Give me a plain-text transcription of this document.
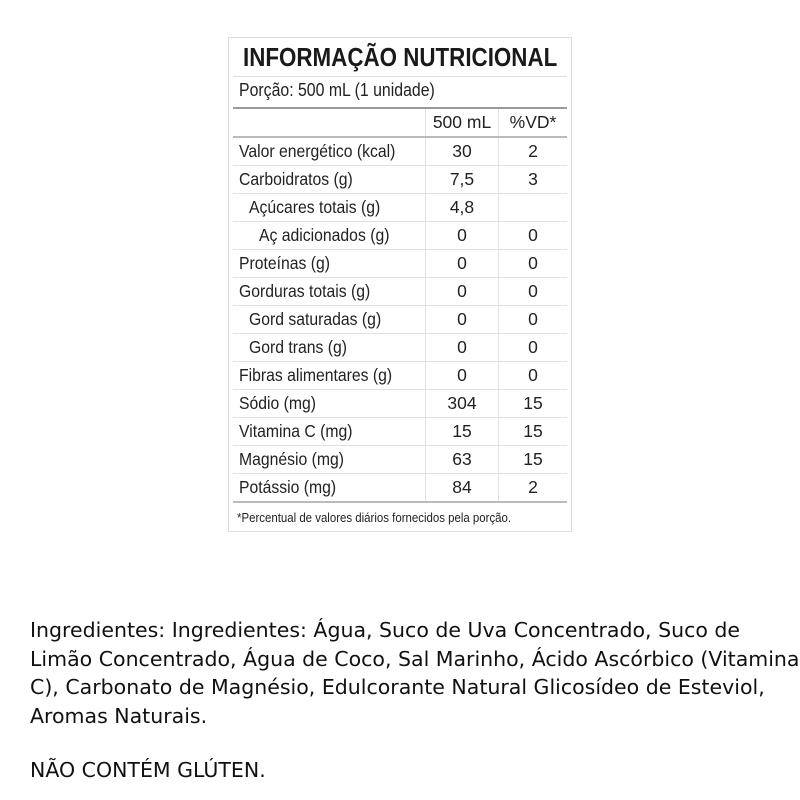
INFORMAÇÃO NUTRICIONAL
Porção: 500 mL (1 unidade)
	500 mL	%VD*
Valor energético (kcal)	30	2
Carboidratos (g)	7,5	3
Açúcares totais (g)	4,8	
Aç adicionados (g)	0	0
Proteínas (g)	0	0
Gorduras totais (g)	0	0
Gord saturadas (g)	0	0
Gord trans (g)	0	0
Fibras alimentares (g)	0	0
Sódio (mg)	304	15
Vitamina C (mg)	15	15
Magnésio (mg)	63	15
Potássio (mg)	84	2
*Percentual de valores diários fornecidos pela porção.
Ingredientes: Ingredientes: Água, Suco de Uva Concentrado, Suco de Limão Concentrado, Água de Coco, Sal Marinho, Ácido Ascórbico (Vitamina C), Carbonato de Magnésio, Edulcorante Natural Glicosídeo de Esteviol, Aromas Naturais.
NÃO CONTÉM GLÚTEN.
